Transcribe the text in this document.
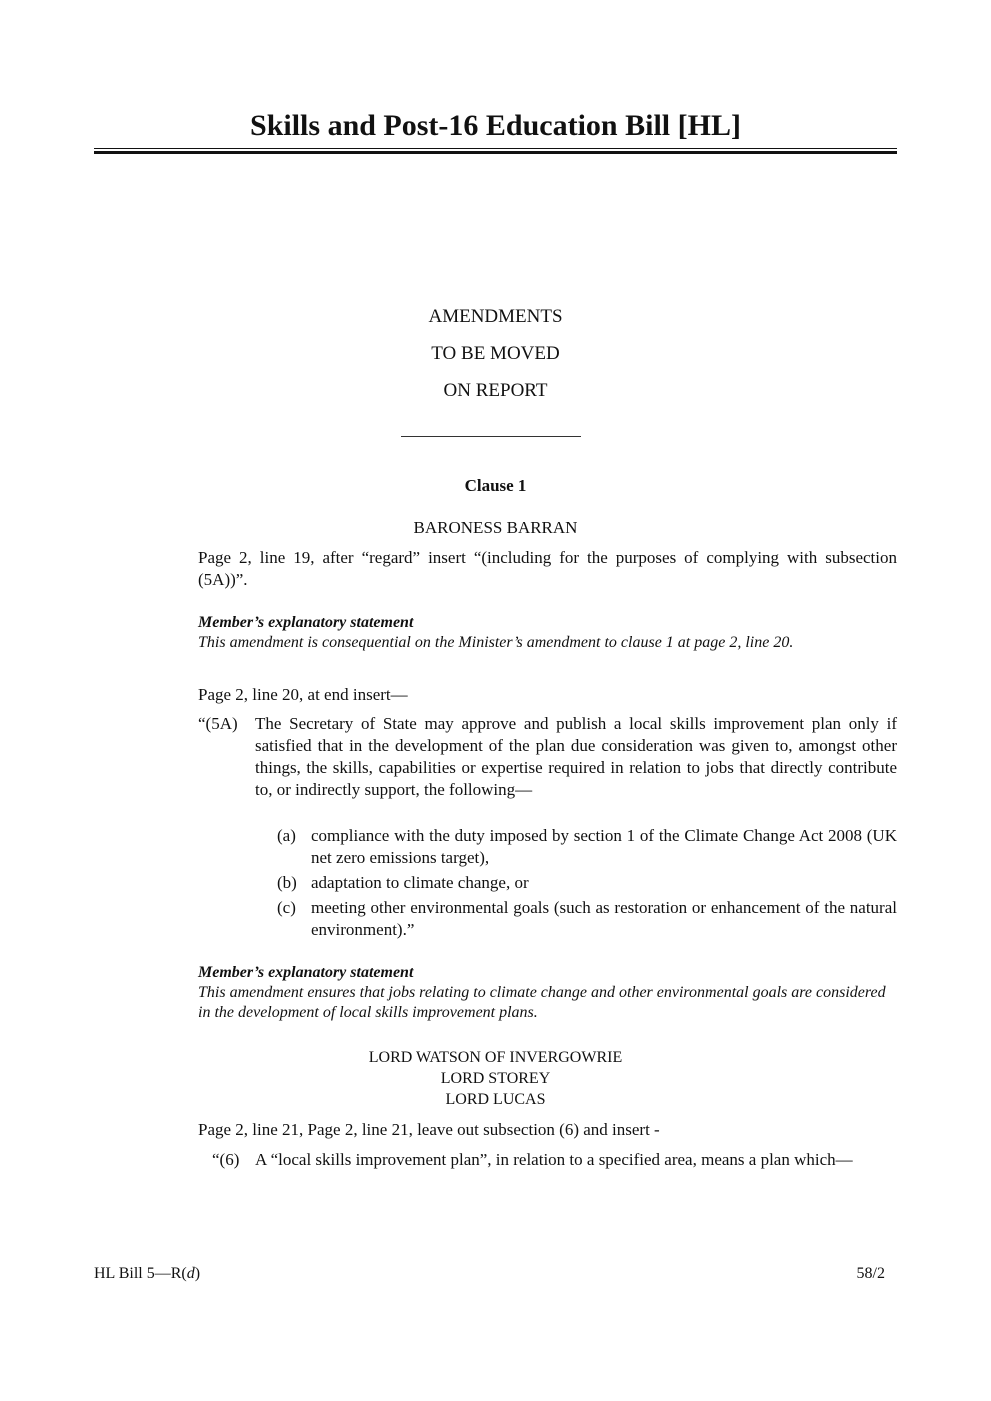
Skills and Post-16 Education Bill [HL]
AMENDMENTS
TO BE MOVED
ON REPORT
Clause 1
BARONESS BARRAN
Page 2, line 19, after “regard” insert “(including for the purposes of complying with subsection (5A))”.
Member’s explanatory statement
This amendment is consequential on the Minister’s amendment to clause 1 at page 2, line 20.
Page 2, line 20, at end insert—
“(5A) The Secretary of State may approve and publish a local skills improvement plan only if satisfied that in the development of the plan due consideration was given to, amongst other things, the skills, capabilities or expertise required in relation to jobs that directly contribute to, or indirectly support, the following—
(a) compliance with the duty imposed by section 1 of the Climate Change Act 2008 (UK net zero emissions target),
(b) adaptation to climate change, or
(c) meeting other environmental goals (such as restoration or enhancement of the natural environment).”
Member’s explanatory statement
This amendment ensures that jobs relating to climate change and other environmental goals are considered in the development of local skills improvement plans.
LORD WATSON OF INVERGOWRIE
LORD STOREY
LORD LUCAS
Page 2, line 21, Page 2, line 21, leave out subsection (6) and insert -
“(6) A “local skills improvement plan”, in relation to a specified area, means a plan which—
HL Bill 5—R(d)	58/2
